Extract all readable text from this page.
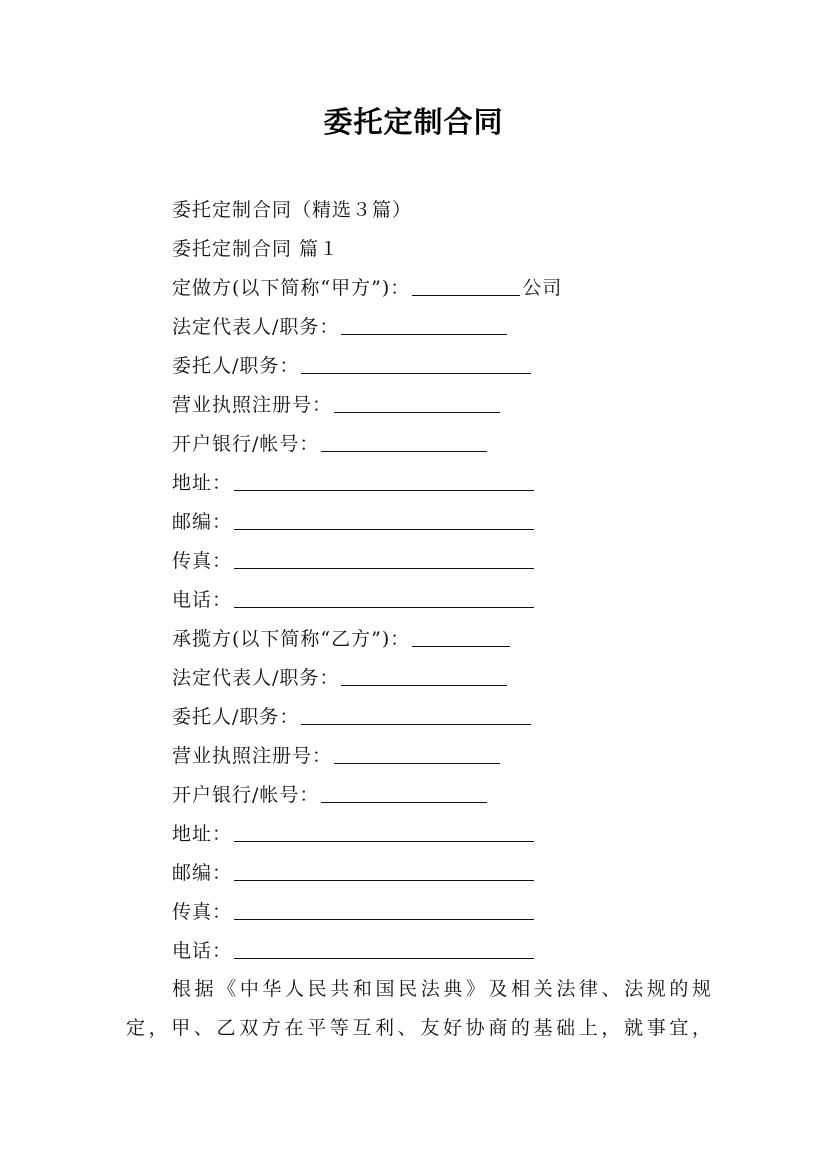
委托定制合同
委托定制合同（精选３篇）
委托定制合同 篇１
定做方(以下简称“甲方”)：	公司
法定代表人/职务：
委托人/职务：
营业执照注册号：
开户银行/帐号：
地址：
邮编：
传真：
电话：
承揽方(以下简称“乙方”)：
法定代表人/职务：
委托人/职务：
营业执照注册号：
开户银行/帐号：
地址：
邮编：
传真：
电话：
根据《中华人民共和国民法典》及相关法律、法规的规
定，甲、乙双方在平等互利、友好协商的基础上，就事宜，
